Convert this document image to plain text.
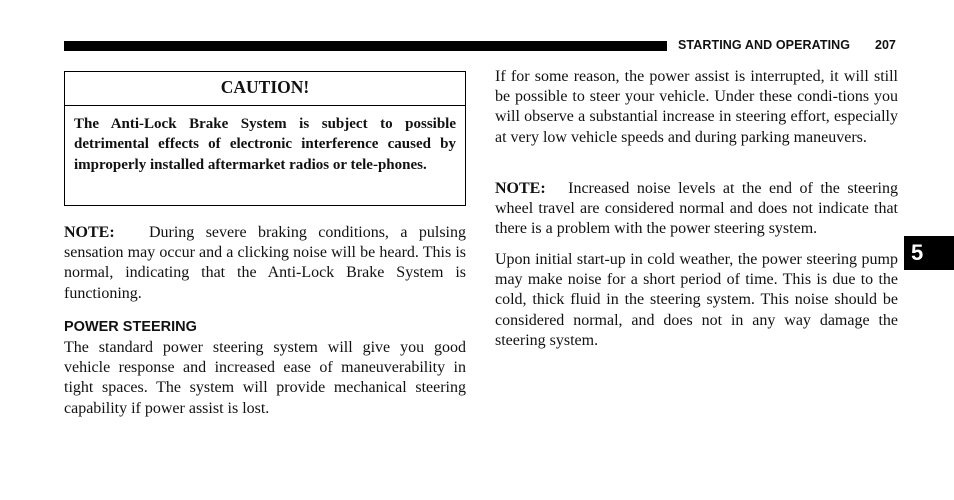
STARTING AND OPERATING 207
CAUTION!
The Anti-Lock Brake System is subject to possible detrimental effects of electronic interference caused by improperly installed aftermarket radios or tele-phones.

NOTE: During severe braking conditions, a pulsing sensation may occur and a clicking noise will be heard. This is normal, indicating that the Anti-Lock Brake System is functioning.

The standard power steering system will give you good vehicle response and increased ease of maneuverability in tight spaces. The system will provide mechanical steering capability if power assist is lost.

POWER STEERING

If for some reason, the power assist is interrupted, it will still be possible to steer your vehicle. Under these condi-tions you will observe a substantial increase in steering effort, especially at very low vehicle speeds and during parking maneuvers.

NOTE: Increased noise levels at the end of the steering wheel travel are considered normal and does not indicate that there is a problem with the power steering system.

Upon initial start-up in cold weather, the power steering pump may make noise for a short period of time. This is due to the cold, thick fluid in the steering system. This noise should be considered normal, and does not in any way damage the steering system.

5
